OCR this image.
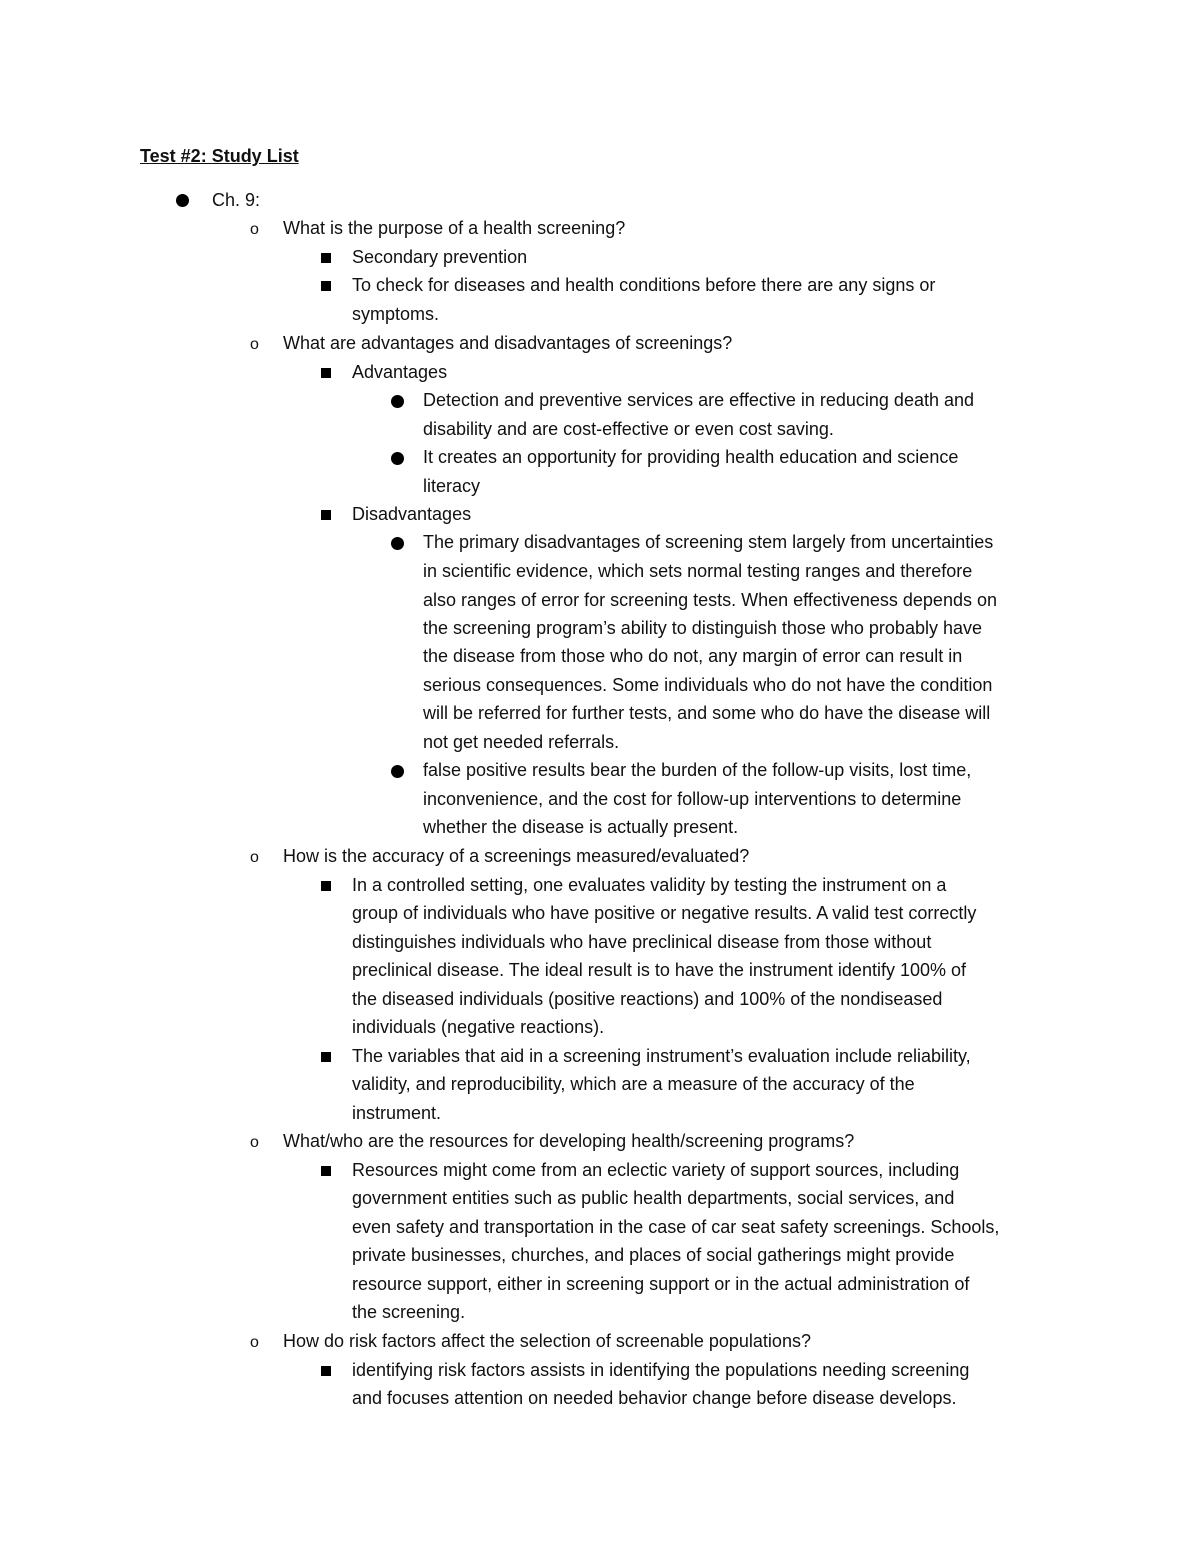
Test #2: Study List
Ch. 9:
o What is the purpose of a health screening?
Secondary prevention
To check for diseases and health conditions before there are any signs or
symptoms.
o What are advantages and disadvantages of screenings?
Advantages
Detection and preventive services are effective in reducing death and
disability and are cost-effective or even cost saving.
It creates an opportunity for providing health education and science
literacy
Disadvantages
The primary disadvantages of screening stem largely from uncertainties
in scientific evidence, which sets normal testing ranges and therefore
also ranges of error for screening tests. When effectiveness depends on
the screening program’s ability to distinguish those who probably have
the disease from those who do not, any margin of error can result in
serious consequences. Some individuals who do not have the condition
will be referred for further tests, and some who do have the disease will
not get needed referrals.
false positive results bear the burden of the follow-up visits, lost time,
inconvenience, and the cost for follow-up interventions to determine
whether the disease is actually present.
o How is the accuracy of a screenings measured/evaluated?
In a controlled setting, one evaluates validity by testing the instrument on a
group of individuals who have positive or negative results. A valid test correctly
distinguishes individuals who have preclinical disease from those without
preclinical disease. The ideal result is to have the instrument identify 100% of
the diseased individuals (positive reactions) and 100% of the nondiseased
individuals (negative reactions).
The variables that aid in a screening instrument’s evaluation include reliability,
validity, and reproducibility, which are a measure of the accuracy of the
instrument.
o What/who are the resources for developing health/screening programs?
Resources might come from an eclectic variety of support sources, including
government entities such as public health departments, social services, and
even safety and transportation in the case of car seat safety screenings. Schools,
private businesses, churches, and places of social gatherings might provide
resource support, either in screening support or in the actual administration of
the screening.
o How do risk factors affect the selection of screenable populations?
identifying risk factors assists in identifying the populations needing screening
and focuses attention on needed behavior change before disease develops.
